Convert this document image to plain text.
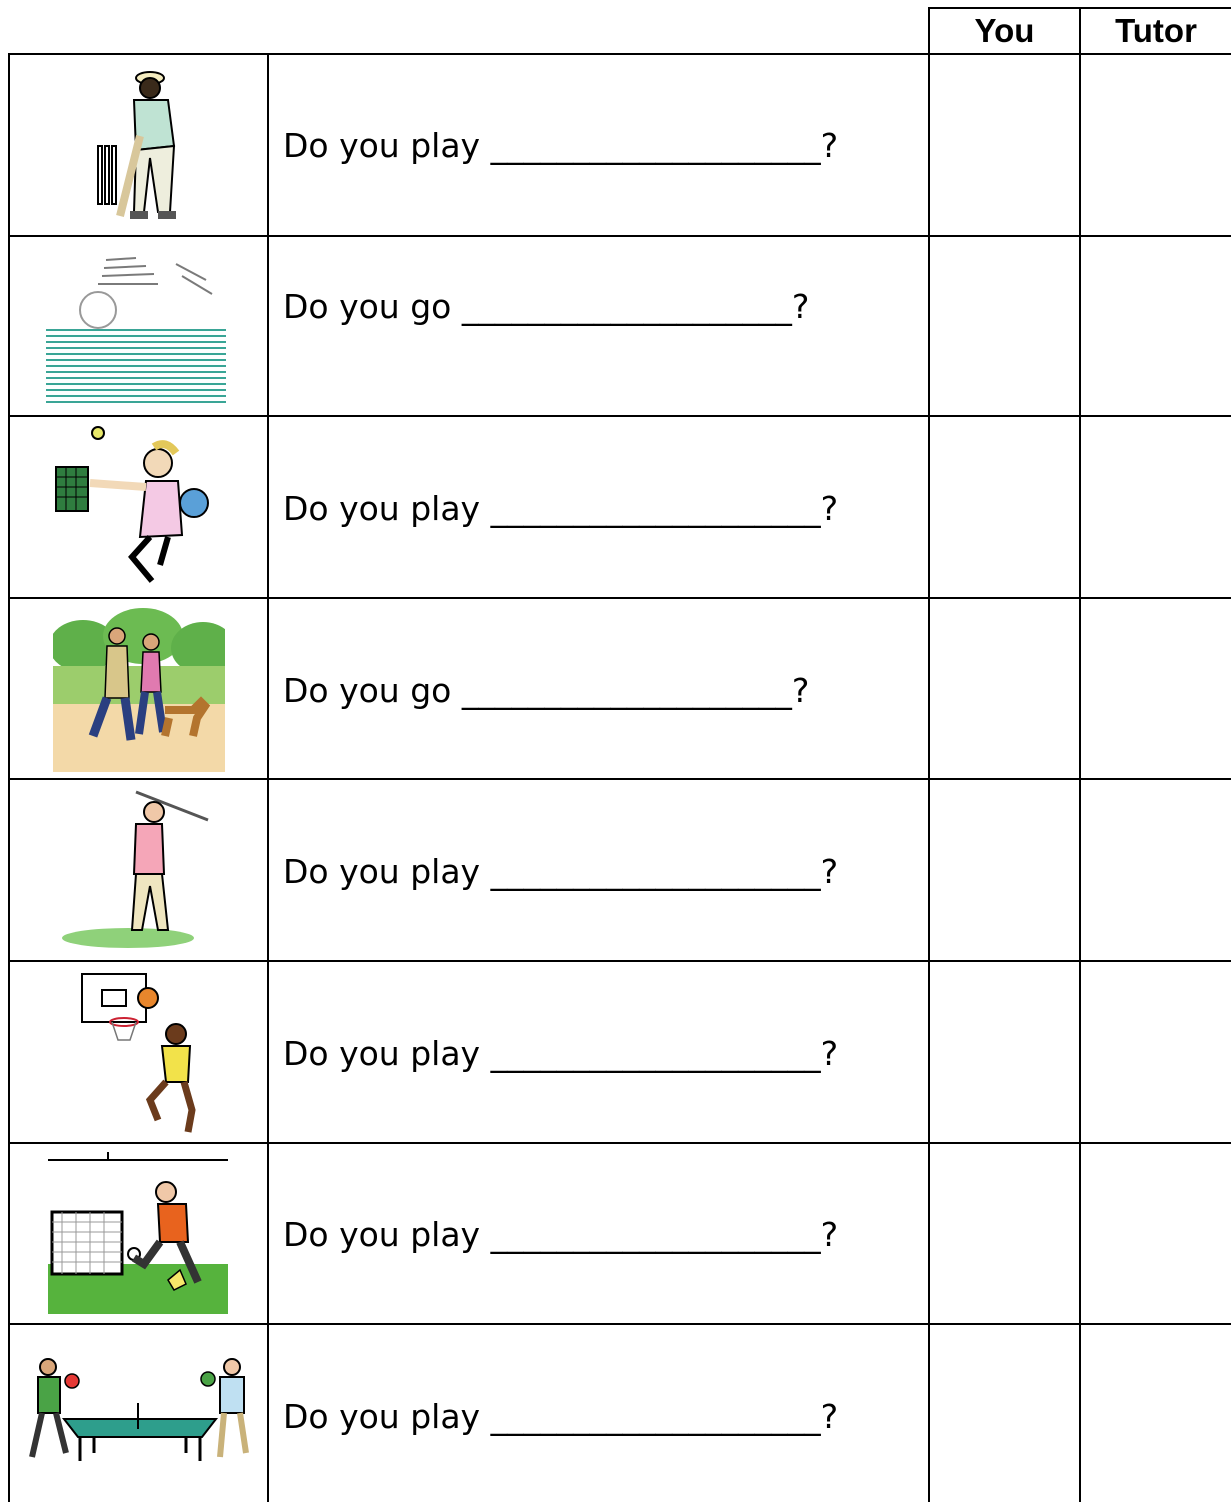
You	Tutor
Do you play ____________________?
Do you go ____________________?
Do you play ____________________?
Do you go ____________________?
Do you play ____________________?
Do you play ____________________?
Do you play ____________________?
Do you play ____________________?
